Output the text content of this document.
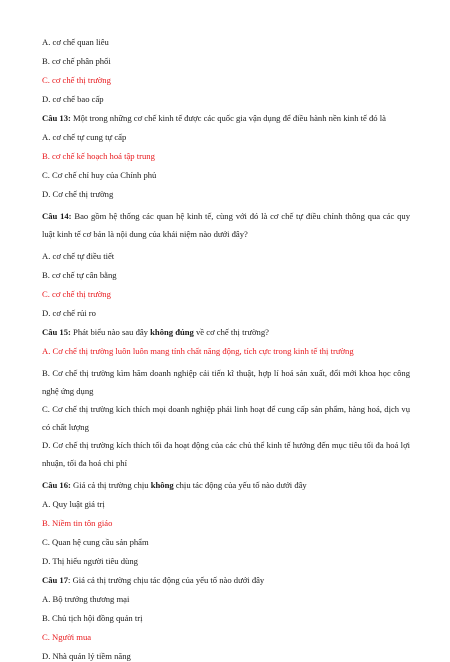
A. cơ chế quan liêu
B. cơ chế phân phối
C. cơ chế thị trường
D. cơ chế bao cấp
Câu 13: Một trong những cơ chế kinh tế được các quốc gia vận dụng để điều hành nền kinh tế đó là
A. cơ chế tự cung tự cấp
B. cơ chế kế hoạch hoá tập trung
C. Cơ chế chỉ huy của Chính phủ
D. Cơ chế thị trường
Câu 14: Bao gồm hệ thống các quan hệ kinh tế, cùng với đó là cơ chế tự điều chỉnh thông qua các quy luật kinh tế cơ bản là nội dung của khái niệm nào dưới đây?
A. cơ chế tự điều tiết
B. cơ chế tự cân bằng
C. cơ chế thị trường
D. cơ chế rủi ro
Câu 15: Phát biểu nào sau đây không đúng về cơ chế thị trường?
A. Cơ chế thị trường luôn luôn mang tính chất năng động, tích cực trong kinh tế thị trường
B. Cơ chế thị trường kìm hãm doanh nghiệp cải tiến kĩ thuật, hợp lí hoá sản xuất, đổi mới khoa học công nghệ ứng dụng
C. Cơ chế thị trường kích thích mọi doanh nghiệp phải linh hoạt để cung cấp sản phẩm, hàng hoá, dịch vụ có chất lượng
D. Cơ chế thị trường kích thích tối đa hoạt động của các chủ thể kinh tế hướng đến mục tiêu tối đa hoá lợi nhuận, tối đa hoá chi phí
Câu 16: Giá cả thị trường chịu không chịu tác động của yếu tố nào dưới đây
A. Quy luật giá trị
B. Niềm tin tôn giáo
C. Quan hệ cung cầu sản phẩm
D. Thị hiếu người tiêu dùng
Câu 17: Giá cả thị trường chịu tác động của yếu tố nào dưới đây
A. Bộ trưởng thương mại
B. Chủ tịch hội đồng quản trị
C. Người mua
D. Nhà quản lý tiềm năng
